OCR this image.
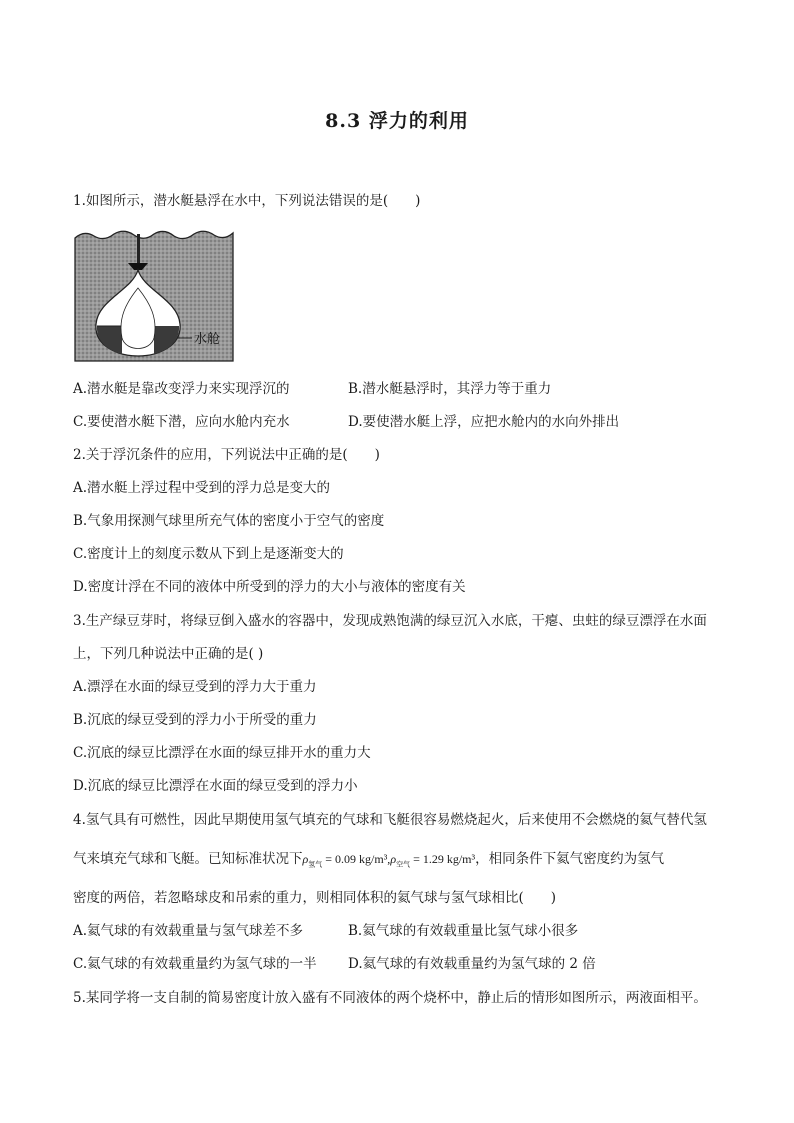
8.3 浮力的利用
1.如图所示，潜水艇悬浮在水中，下列说法错误的是(　　)
水舱
A.潜水艇是靠改变浮力来实现浮沉的	B.潜水艇悬浮时，其浮力等于重力
C.要使潜水艇下潜，应向水舱内充水	D.要使潜水艇上浮，应把水舱内的水向外排出
2.关于浮沉条件的应用，下列说法中正确的是(　　)
A.潜水艇上浮过程中受到的浮力总是变大的
B.气象用探测气球里所充气体的密度小于空气的密度
C.密度计上的刻度示数从下到上是逐渐变大的
D.密度计浮在不同的液体中所受到的浮力的大小与液体的密度有关
3.生产绿豆芽时，将绿豆倒入盛水的容器中，发现成熟饱满的绿豆沉入水底，干瘪、虫蛀的绿豆漂浮在水面
上，下列几种说法中正确的是( )
A.漂浮在水面的绿豆受到的浮力大于重力
B.沉底的绿豆受到的浮力小于所受的重力
C.沉底的绿豆比漂浮在水面的绿豆排开水的重力大
D.沉底的绿豆比漂浮在水面的绿豆受到的浮力小
4.氢气具有可燃性，因此早期使用氢气填充的气球和飞艇很容易燃烧起火，后来使用不会燃烧的氦气替代氢
气来填充气球和飞艇。已知标准状况下$\rho_{氢气} = 0.09$ $kg/m^3,\rho_{空气} = 1.29$ kg/m³，相同条件下氦气密度约为氢气
密度的两倍，若忽略球皮和吊索的重力，则相同体积的氦气球与氢气球相比(　　)
A.氦气球的有效载重量与氢气球差不多	B.氦气球的有效载重量比氢气球小很多
C.氦气球的有效载重量约为氢气球的一半 D.氦气球的有效载重量约为氢气球的 2 倍
5.某同学将一支自制的简易密度计放入盛有不同液体的两个烧杯中，静止后的情形如图所示，两液面相平。
